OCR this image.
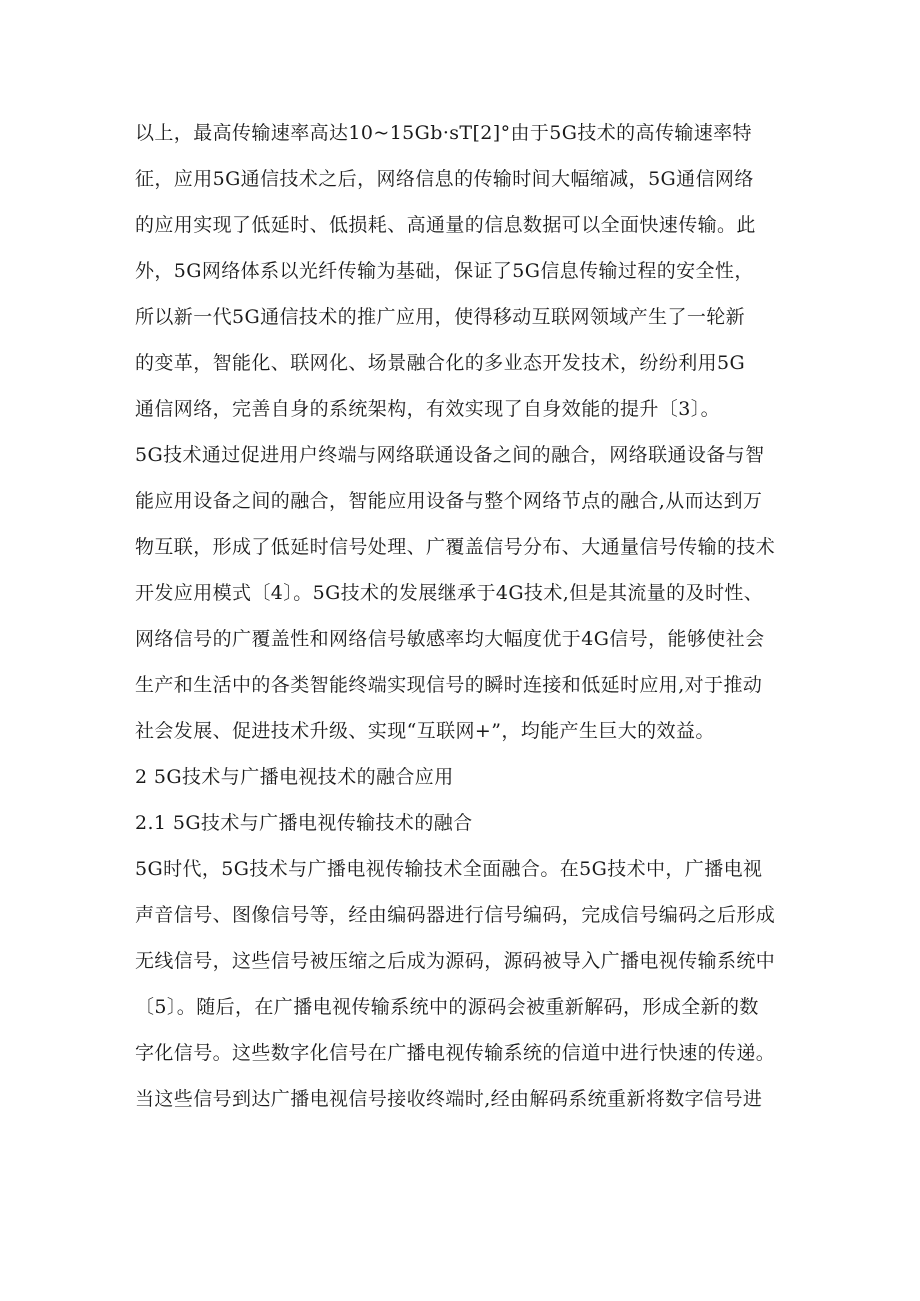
以上，最高传输速率高达10~15Gb·sT[2]°由于5G技术的高传输速率特
征，应用5G通信技术之后，网络信息的传输时间大幅缩减，5G通信网络
的应用实现了低延时、低损耗、高通量的信息数据可以全面快速传输。此
外，5G网络体系以光纤传输为基础，保证了5G信息传输过程的安全性，
所以新一代5G通信技术的推广应用，使得移动互联网领域产生了一轮新
的变革，智能化、联网化、场景融合化的多业态开发技术，纷纷利用5G
通信网络，完善自身的系统架构，有效实现了自身效能的提升〔3〕。
5G技术通过促进用户终端与网络联通设备之间的融合，网络联通设备与智
能应用设备之间的融合，智能应用设备与整个网络节点的融合,从而达到万
物互联，形成了低延时信号处理、广覆盖信号分布、大通量信号传输的技术
开发应用模式〔4〕。5G技术的发展继承于4G技术,但是其流量的及时性、
网络信号的广覆盖性和网络信号敏感率均大幅度优于4G信号，能够使社会
生产和生活中的各类智能终端实现信号的瞬时连接和低延时应用,对于推动
社会发展、促进技术升级、实现“互联网+”，均能产生巨大的效益。
2 5G技术与广播电视技术的融合应用
2.1 5G技术与广播电视传输技术的融合
5G时代，5G技术与广播电视传输技术全面融合。在5G技术中，广播电视
声音信号、图像信号等，经由编码器进行信号编码，完成信号编码之后形成
无线信号，这些信号被压缩之后成为源码，源码被导入广播电视传输系统中
〔5〕。随后，在广播电视传输系统中的源码会被重新解码，形成全新的数
字化信号。这些数字化信号在广播电视传输系统的信道中进行快速的传递。
当这些信号到达广播电视信号接收终端时,经由解码系统重新将数字信号进
